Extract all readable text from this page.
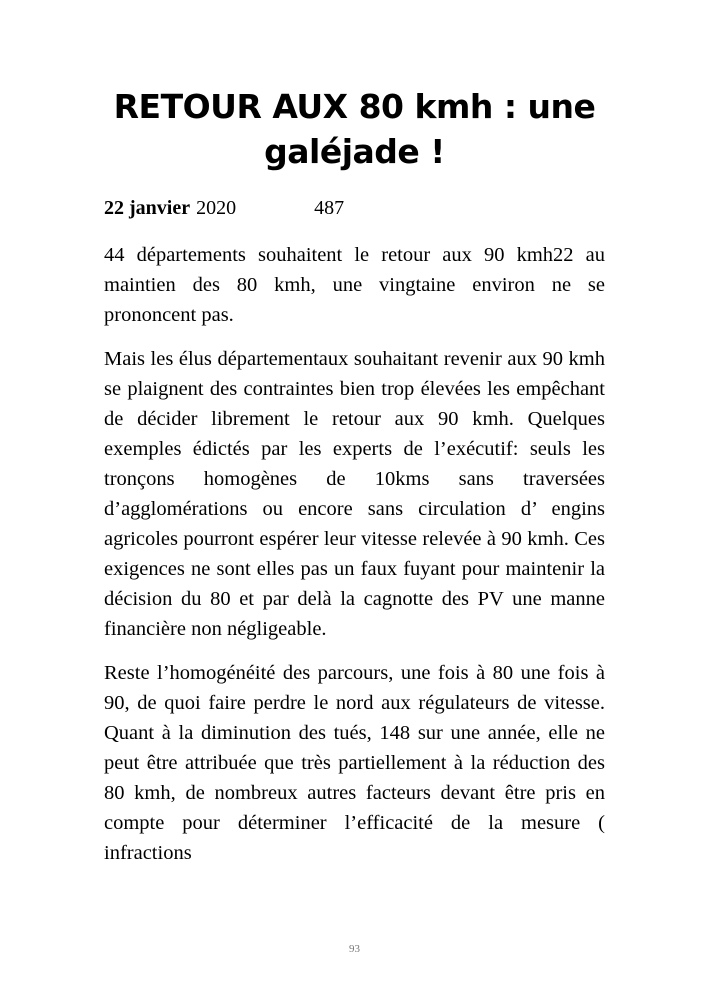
RETOUR AUX 80 kmh : une galéjade !
22 janvier 2020	487

44 départements souhaitent le retour aux 90 kmh22 au maintien des 80 kmh, une vingtaine environ ne se prononcent pas.

Mais les élus départementaux souhaitant revenir aux 90 kmh se plaignent des contraintes bien trop élevées les empêchant de décider librement le retour aux 90 kmh. Quelques exemples édictés par les experts de l’exécutif: seuls les tronçons homogènes de 10kms sans traversées d’agglomérations ou encore sans circulation d’ engins agricoles pourront espérer leur vitesse relevée à 90 kmh. Ces exigences ne sont elles pas un faux fuyant pour maintenir la décision du 80 et par delà la cagnotte des PV une manne financière non négligeable.

Reste l’homogénéité des parcours, une fois à 80 une fois à 90, de quoi faire perdre le nord aux régulateurs de vitesse. Quant à la diminution des tués, 148 sur une année, elle ne peut être attribuée que très partiellement à la réduction des 80 kmh, de nombreux autres facteurs devant être pris en compte pour déterminer l’efficacité de la mesure ( infractions

93
